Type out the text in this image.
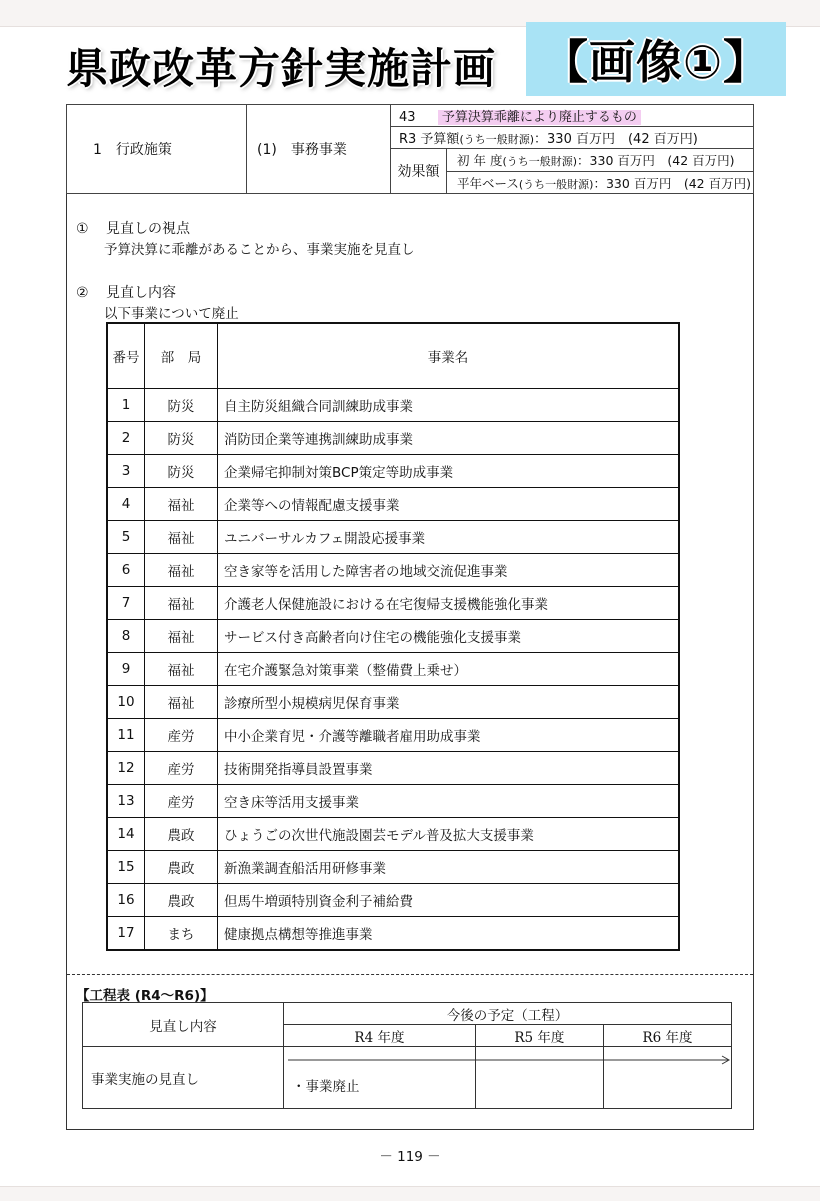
県政改革方針実施計画	【画像①】
1　行政施策	(1)　事務事業	43 予算決算乖離により廃止するもの	
		R3 予算額(うち一般財源)：330 百万円　(42 百万円)	
		効果額	初 年 度(うち一般財源)：330 百万円　(42 百万円)
			平年ベース(うち一般財源)：330 百万円　(42 百万円)
① 見直しの視点
予算決算に乖離があることから、事業実施を見直し
② 見直し内容
以下事業について廃止
番号	部　局	事業名
1	防災	自主防災組織合同訓練助成事業
2	防災	消防団企業等連携訓練助成事業
3	防災	企業帰宅抑制対策BCP策定等助成事業
4	福祉	企業等への情報配慮支援事業
5	福祉	ユニバーサルカフェ開設応援事業
6	福祉	空き家等を活用した障害者の地域交流促進事業
7	福祉	介護老人保健施設における在宅復帰支援機能強化事業
8	福祉	サービス付き高齢者向け住宅の機能強化支援事業
9	福祉	在宅介護緊急対策事業（整備費上乗せ）
10	福祉	診療所型小規模病児保育事業
11	産労	中小企業育児・介護等離職者雇用助成事業
12	産労	技術開発指導員設置事業
13	産労	空き床等活用支援事業
14	農政	ひょうごの次世代施設園芸モデル普及拡大支援事業
15	農政	新漁業調査船活用研修事業
16	農政	但馬牛増頭特別資金利子補給費
17	まち	健康拠点構想等推進事業
【工程表 (R4～R6)】
見直し内容	今後の予定（工程）		
	R4 年度	R5 年度	R6 年度
事業実施の見直し	・事業廃止		
－ 119 －
